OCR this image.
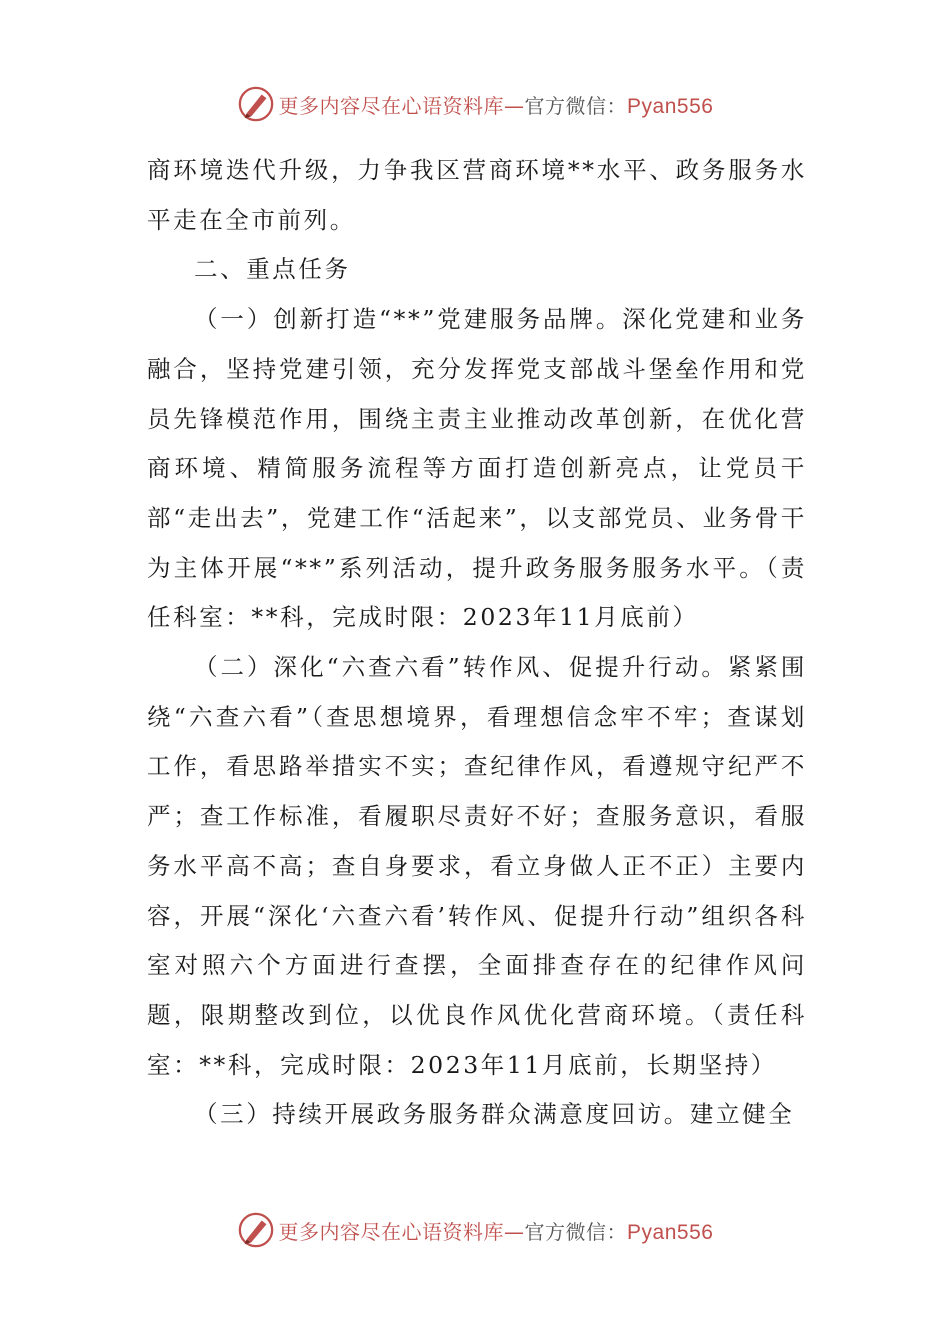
更多内容尽在心语资料库—官方微信：Pyan556

商环境迭代升级，力争我区营商环境**水平、政务服务水平走在全市前列。

二、重点任务

（一）创新打造“**”党建服务品牌。深化党建和业务融合，坚持党建引领，充分发挥党支部战斗堡垒作用和党员先锋模范作用，围绕主责主业推动改革创新，在优化营商环境、精简服务流程等方面打造创新亮点，让党员干部“走出去”，党建工作“活起来”，以支部党员、业务骨干为主体开展“**”系列活动，提升政务服务服务水平。（责任科室：**科，完成时限：2023年11月底前）

（二）深化“六查六看”转作风、促提升行动。紧紧围绕“六查六看”（查思想境界，看理想信念牢不牢；查谋划工作，看思路举措实不实；查纪律作风，看遵规守纪严不严；查工作标准，看履职尽责好不好；查服务意识，看服务水平高不高；查自身要求，看立身做人正不正）主要内容，开展“深化‘六查六看’转作风、促提升行动”组织各科室对照六个方面进行查摆，全面排查存在的纪律作风问题，限期整改到位，以优良作风优化营商环境。（责任科室：**科，完成时限：2023年11月底前，长期坚持）

（三）持续开展政务服务群众满意度回访。建立健全

更多内容尽在心语资料库—官方微信：Pyan556
